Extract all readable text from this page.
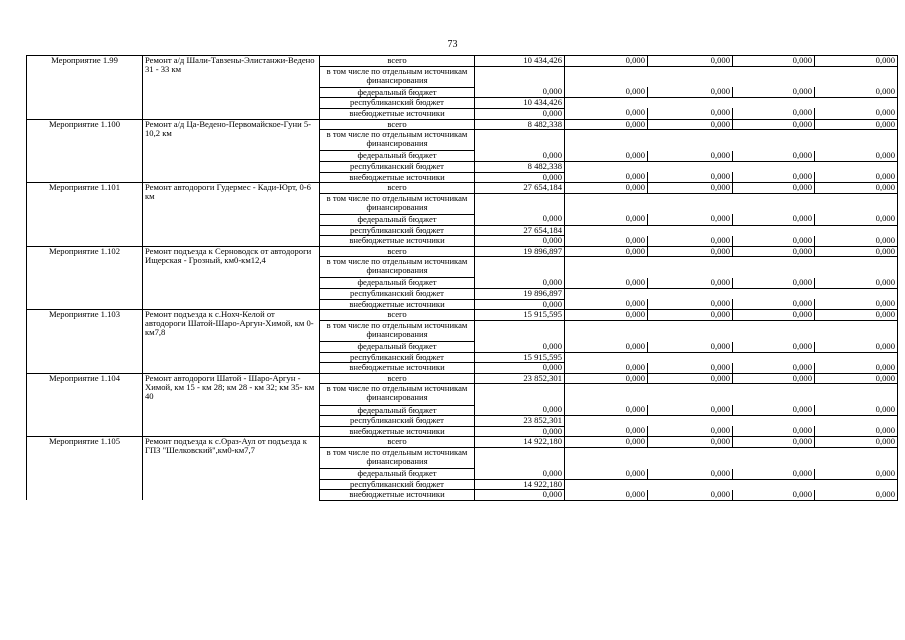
73
Мероприятие 1.99	Ремонт а/д Шали-Тавзены-Элистанжи-Ведено 31 - 33 км	всего	10 434,426	0,000	0,000	0,000	0,000
		в том числе по отдельным источникам финансирования					
		федеральный бюджет	0,000	0,000	0,000	0,000	0,000
		республиканский бюджет	10 434,426				
		внебюджетные источники	0,000	0,000	0,000	0,000	0,000
Мероприятие 1.100	Ремонт а/д Ца-Ведено-Первомайское-Гуни 5-10,2 км	всего	8 482,338	0,000	0,000	0,000	0,000
		в том числе по отдельным источникам финансирования					
		федеральный бюджет	0,000	0,000	0,000	0,000	0,000
		республиканский бюджет	8 482,338				
		внебюджетные источники	0,000	0,000	0,000	0,000	0,000
Мероприятие 1.101	Ремонт автодороги Гудермес - Кади-Юрт, 0-6 км	всего	27 654,184	0,000	0,000	0,000	0,000
		в том числе по отдельным источникам финансирования					
		федеральный бюджет	0,000	0,000	0,000	0,000	0,000
		республиканский бюджет	27 654,184				
		внебюджетные источники	0,000	0,000	0,000	0,000	0,000
Мероприятие 1.102	Ремонт подъезда к Серноводск от автодороги Ищерская - Грозный, км0-км12,4	всего	19 896,897	0,000	0,000	0,000	0,000
		в том числе по отдельным источникам финансирования					
		федеральный бюджет	0,000	0,000	0,000	0,000	0,000
		республиканский бюджет	19 896,897				
		внебюджетные источники	0,000	0,000	0,000	0,000	0,000
Мероприятие 1.103	Ремонт подъезда к с.Нохч-Келой от автодороги Шатой-Шаро-Аргун-Химой, км 0-км7,8	всего	15 915,595	0,000	0,000	0,000	0,000
		в том числе по отдельным источникам финансирования					
		федеральный бюджет	0,000	0,000	0,000	0,000	0,000
		республиканский бюджет	15 915,595				
		внебюджетные источники	0,000	0,000	0,000	0,000	0,000
Мероприятие 1.104	Ремонт автодороги Шатой - Шаро-Аргун - Химой, км 15 - км 28; км 28 - км 32; км 35- км 40	всего	23 852,301	0,000	0,000	0,000	0,000
		в том числе по отдельным источникам финансирования					
		федеральный бюджет	0,000	0,000	0,000	0,000	0,000
		республиканский бюджет	23 852,301				
		внебюджетные источники	0,000	0,000	0,000	0,000	0,000
Мероприятие 1.105	Ремонт подъезда к с.Ораз-Аул от подъезда к ГПЗ "Шелковский",км0-км7,7	всего	14 922,180	0,000	0,000	0,000	0,000
		в том числе по отдельным источникам финансирования					
		федеральный бюджет	0,000	0,000	0,000	0,000	0,000
		республиканский бюджет	14 922,180				
		внебюджетные источники	0,000	0,000	0,000	0,000	0,000
